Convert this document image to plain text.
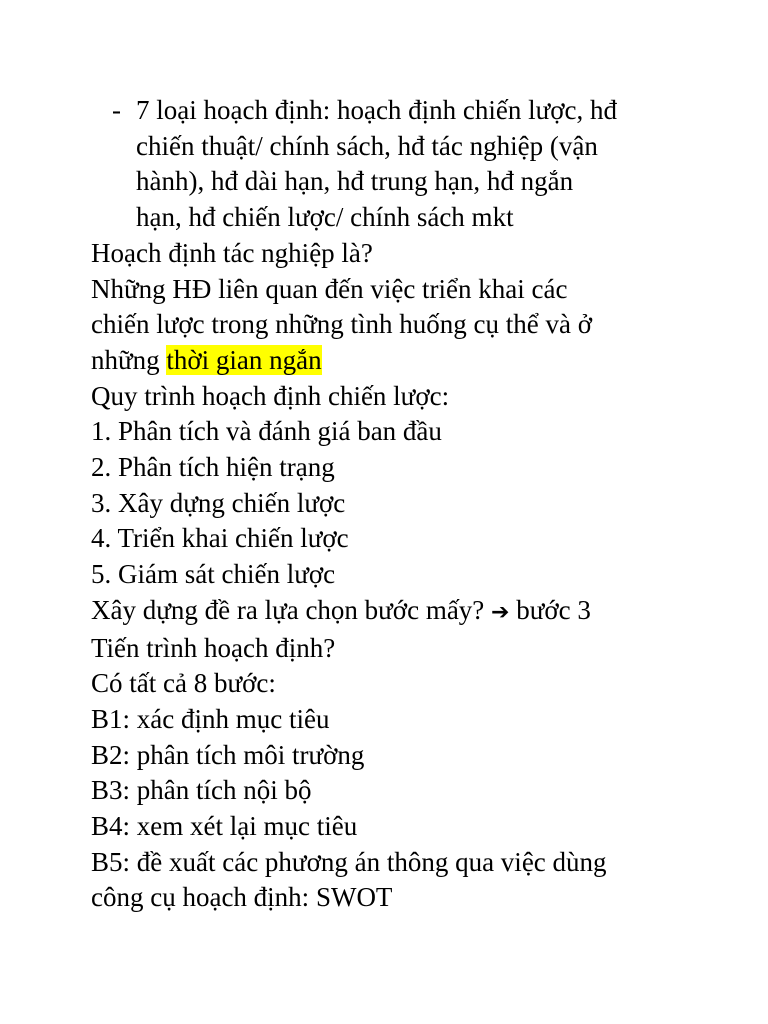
- 7 loại hoạch định: hoạch định chiến lược, hđ
chiến thuật/ chính sách, hđ tác nghiệp (vận
hành), hđ dài hạn, hđ trung hạn, hđ ngắn
hạn, hđ chiến lược/ chính sách mkt
Hoạch định tác nghiệp là?
Những HĐ liên quan đến việc triển khai các
chiến lược trong những tình huống cụ thể và ở
những thời gian ngắn
Quy trình hoạch định chiến lược:
1. Phân tích và đánh giá ban đầu
2. Phân tích hiện trạng
3. Xây dựng chiến lược
4. Triển khai chiến lược
5. Giám sát chiến lược
Xây dựng đề ra lựa chọn bước mấy? ➔ bước 3
Tiến trình hoạch định?
Có tất cả 8 bước:
B1: xác định mục tiêu
B2: phân tích môi trường
B3: phân tích nội bộ
B4: xem xét lại mục tiêu
B5: đề xuất các phương án thông qua việc dùng
công cụ hoạch định: SWOT
